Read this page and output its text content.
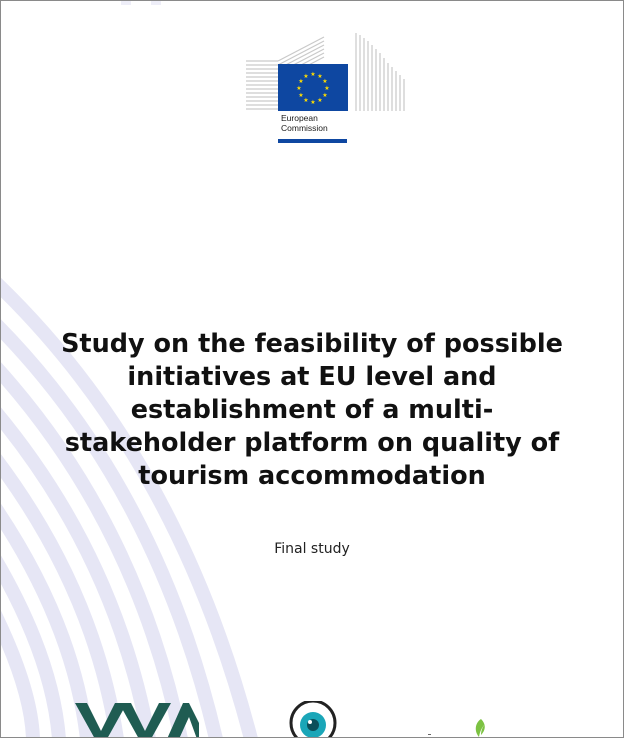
★ ★
★
★
★
★
★
★
★
★
★
★
European
Commission
Study on the feasibility of possible initiatives at EU level and establishment of a multi-stakeholder platform on quality of tourism accommodation
Final study
